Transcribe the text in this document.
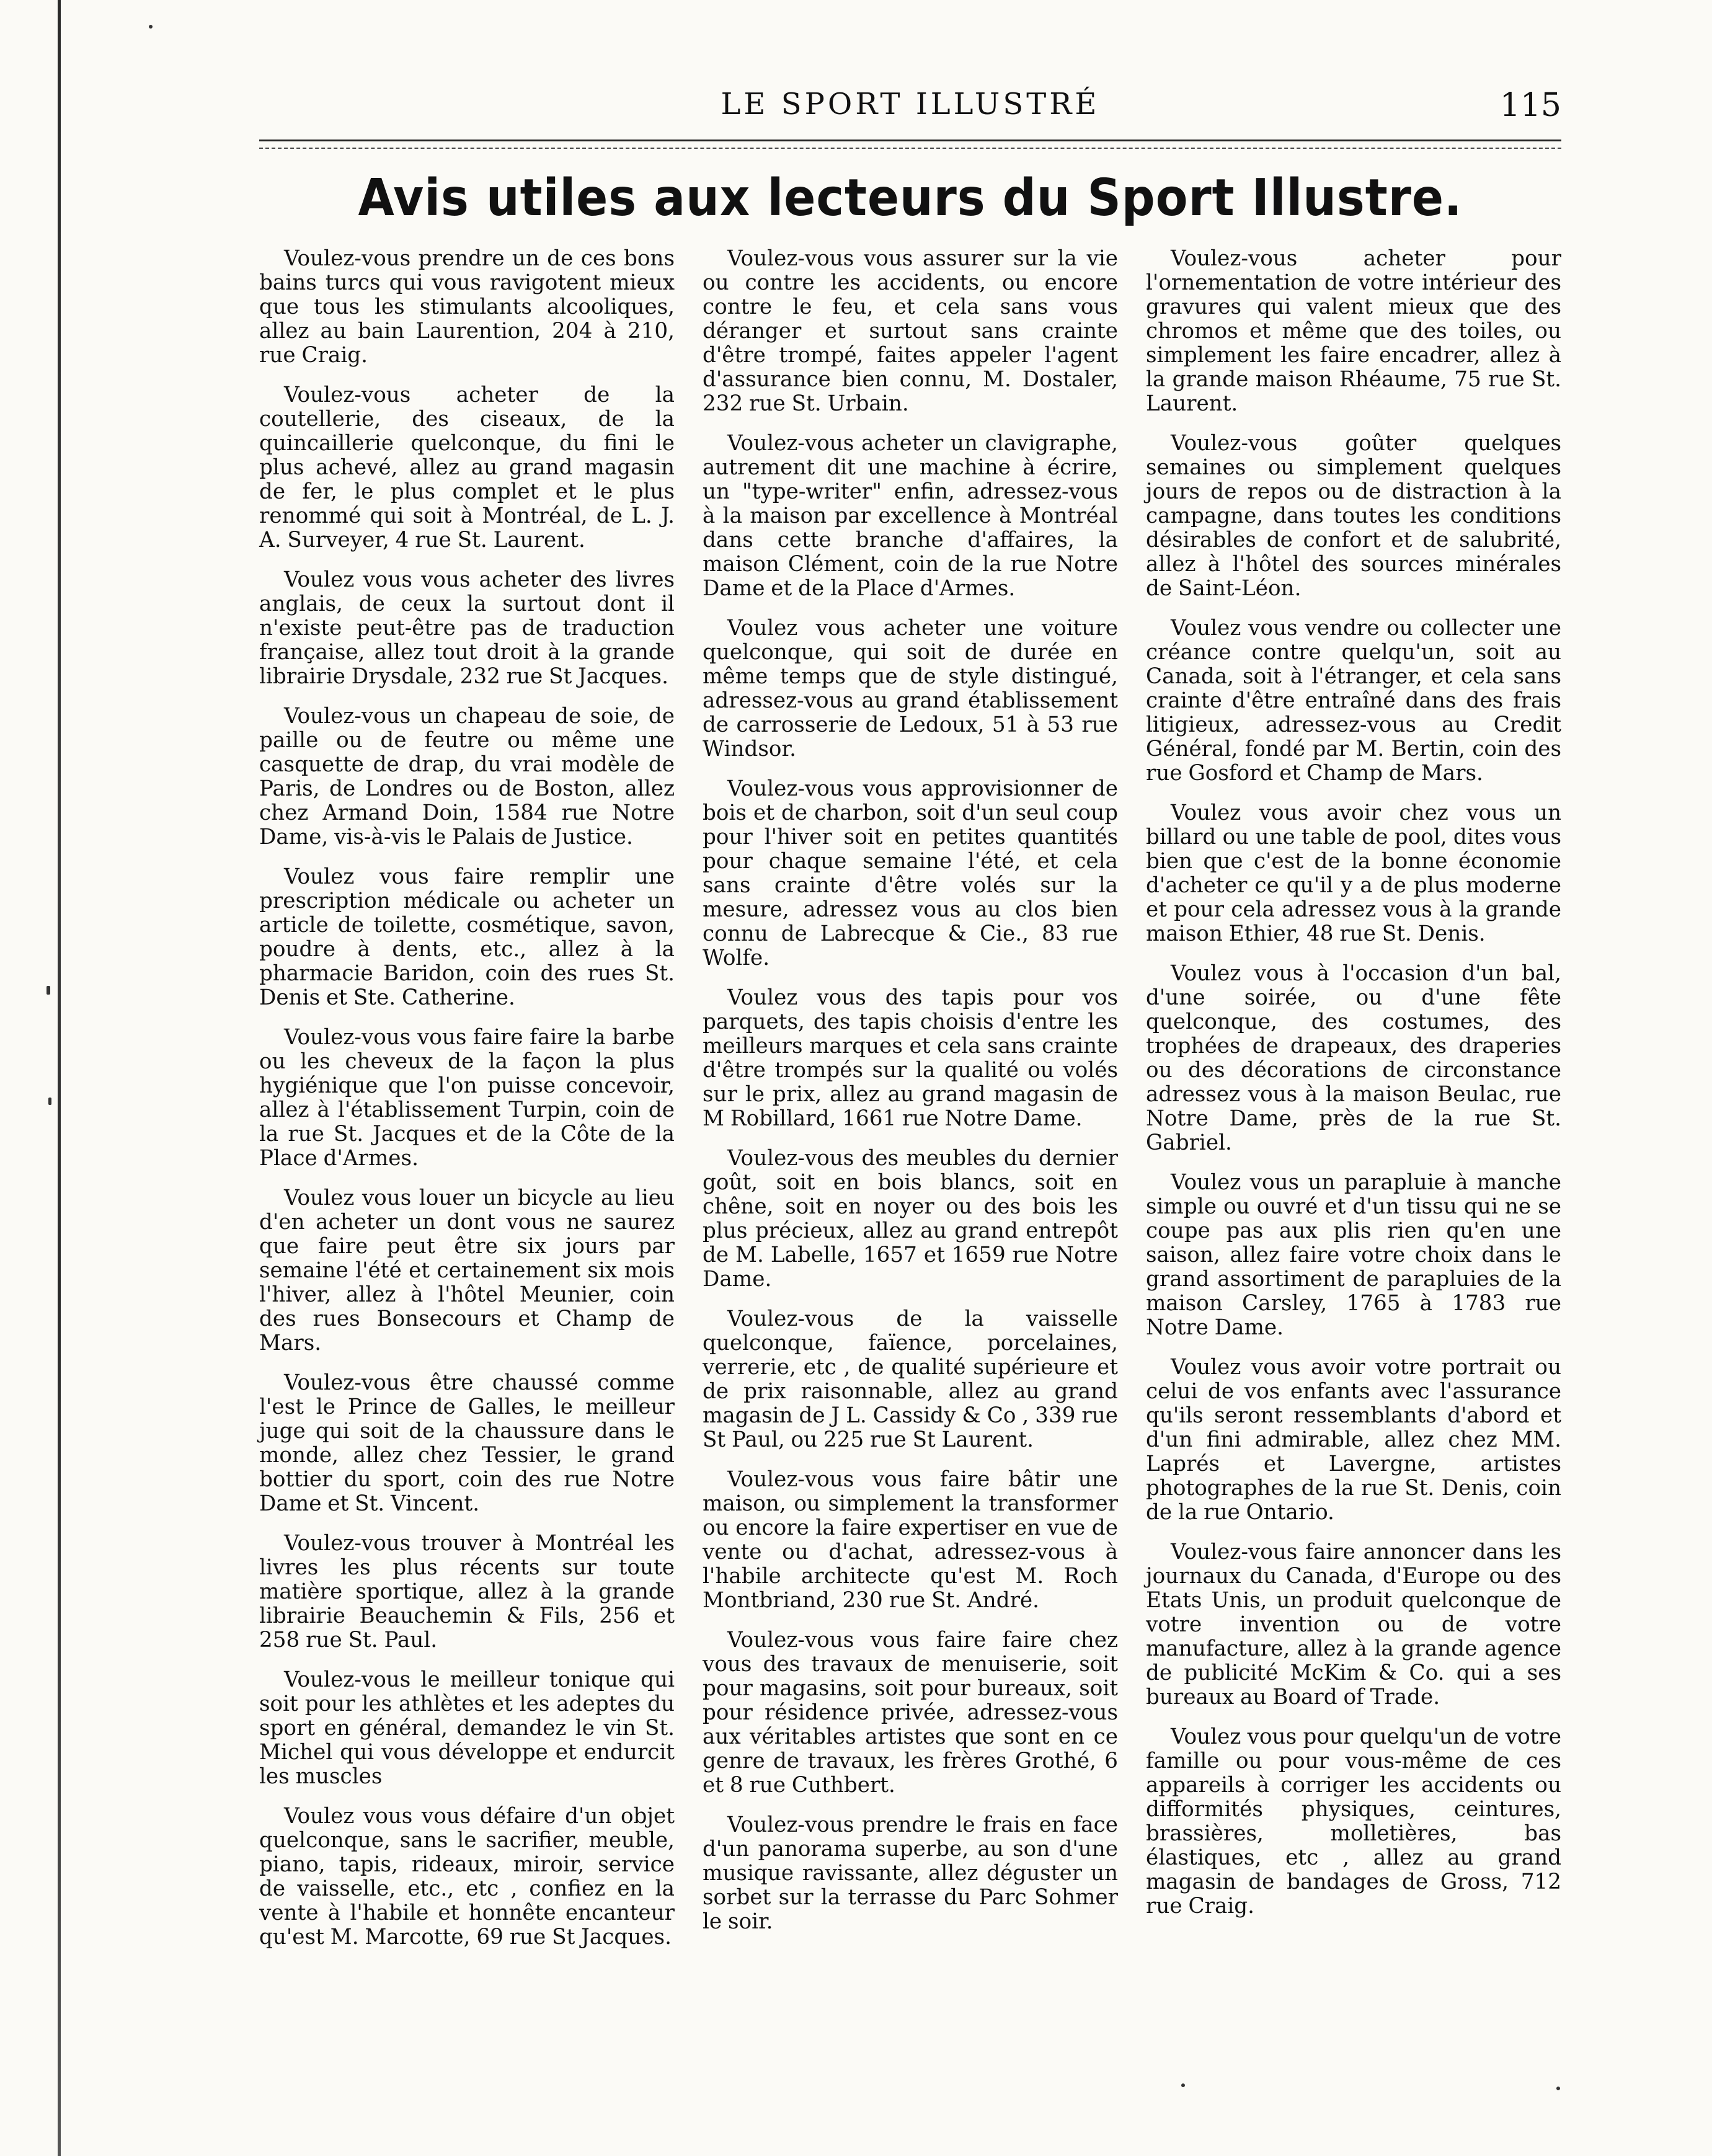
LE SPORT ILLUSTRÉ	115
Avis utiles aux lecteurs du Sport Illustre.

Voulez-vous prendre un de ces bons bains turcs qui vous ravigotent mieux que tous les stimulants alcooliques, allez au bain Laurention, 204 à 210, rue Craig.

Voulez-vous acheter de la coutellerie, des ciseaux, de la quincaillerie quelconque, du fini le plus achevé, allez au grand magasin de fer, le plus complet et le plus renommé qui soit à Montréal, de L. J. A. Surveyer, 4 rue St. Laurent.

Voulez vous vous acheter des livres anglais, de ceux la surtout dont il n'existe peut-être pas de traduction française, allez tout droit à la grande librairie Drysdale, 232 rue St Jacques.

Voulez-vous un chapeau de soie, de paille ou de feutre ou même une casquette de drap, du vrai modèle de Paris, de Londres ou de Boston, allez chez Armand Doin, 1584 rue Notre Dame, vis-à-vis le Palais de Justice.

Voulez vous faire remplir une prescription médicale ou acheter un article de toilette, cosmétique, savon, poudre à dents, etc., allez à la pharmacie Baridon, coin des rues St. Denis et Ste. Catherine.

Voulez-vous vous faire faire la barbe ou les cheveux de la façon la plus hygiénique que l'on puisse concevoir, allez à l'établissement Turpin, coin de la rue St. Jacques et de la Côte de la Place d'Armes.

Voulez vous louer un bicycle au lieu d'en acheter un dont vous ne saurez que faire peut être six jours par semaine l'été et certainement six mois l'hiver, allez à l'hôtel Meunier, coin des rues Bonsecours et Champ de Mars.

Voulez-vous être chaussé comme l'est le Prince de Galles, le meilleur juge qui soit de la chaussure dans le monde, allez chez Tessier, le grand bottier du sport, coin des rue Notre Dame et St. Vincent.

Voulez-vous trouver à Montréal les livres les plus récents sur toute matière sportique, allez à la grande librairie Beauchemin & Fils, 256 et 258 rue St. Paul.

Voulez-vous le meilleur tonique qui soit pour les athlètes et les adeptes du sport en général, demandez le vin St. Michel qui vous développe et endurcit les muscles

Voulez vous vous défaire d'un objet quelconque, sans le sacrifier, meuble, piano, tapis, rideaux, miroir, service de vaisselle, etc., etc , confiez en la vente à l'habile et honnête encanteur qu'est M. Marcotte, 69 rue St Jacques.

Voulez-vous vous assurer sur la vie ou contre les accidents, ou encore contre le feu, et cela sans vous déranger et surtout sans crainte d'être trompé, faites appeler l'agent d'assurance bien connu, M. Dostaler, 232 rue St. Urbain.

Voulez-vous acheter un clavigraphe, autrement dit une machine à écrire, un "type-writer" enfin, adressez-vous à la maison par excellence à Montréal dans cette branche d'affaires, la maison Clément, coin de la rue Notre Dame et de la Place d'Armes.

Voulez vous acheter une voiture quelconque, qui soit de durée en même temps que de style distingué, adressez-vous au grand établissement de carrosserie de Ledoux, 51 à 53 rue Windsor.

Voulez-vous vous approvisionner de bois et de charbon, soit d'un seul coup pour l'hiver soit en petites quantités pour chaque semaine l'été, et cela sans crainte d'être volés sur la mesure, adressez vous au clos bien connu de Labrecque & Cie., 83 rue Wolfe.

Voulez vous des tapis pour vos parquets, des tapis choisis d'entre les meilleurs marques et cela sans crainte d'être trompés sur la qualité ou volés sur le prix, allez au grand magasin de M Robillard, 1661 rue Notre Dame.

Voulez-vous des meubles du dernier goût, soit en bois blancs, soit en chêne, soit en noyer ou des bois les plus précieux, allez au grand entrepôt de M. Labelle, 1657 et 1659 rue Notre Dame.

Voulez-vous de la vaisselle quelconque, faïence, porcelaines, verrerie, etc , de qualité supérieure et de prix raisonnable, allez au grand magasin de J L. Cassidy & Co , 339 rue St Paul, ou 225 rue St Laurent.

Voulez-vous vous faire bâtir une maison, ou simplement la transformer ou encore la faire expertiser en vue de vente ou d'achat, adressez-vous à l'habile architecte qu'est M. Roch Montbriand, 230 rue St. André.

Voulez-vous vous faire faire chez vous des travaux de menuiserie, soit pour magasins, soit pour bureaux, soit pour résidence privée, adressez-vous aux véritables artistes que sont en ce genre de travaux, les frères Grothé, 6 et 8 rue Cuthbert.

Voulez-vous prendre le frais en face d'un panorama superbe, au son d'une musique ravissante, allez déguster un sorbet sur la terrasse du Parc Sohmer le soir.

Voulez-vous acheter pour l'ornementation de votre intérieur des gravures qui valent mieux que des chromos et même que des toiles, ou simplement les faire encadrer, allez à la grande maison Rhéaume, 75 rue St. Laurent.

Voulez-vous goûter quelques semaines ou simplement quelques jours de repos ou de distraction à la campagne, dans toutes les conditions désirables de confort et de salubrité, allez à l'hôtel des sources minérales de Saint-Léon.

Voulez vous vendre ou collecter une créance contre quelqu'un, soit au Canada, soit à l'étranger, et cela sans crainte d'être entraîné dans des frais litigieux, adressez-vous au Credit Général, fondé par M. Bertin, coin des rue Gosford et Champ de Mars.

Voulez vous avoir chez vous un billard ou une table de pool, dites vous bien que c'est de la bonne économie d'acheter ce qu'il y a de plus moderne et pour cela adressez vous à la grande maison Ethier, 48 rue St. Denis.

Voulez vous à l'occasion d'un bal, d'une soirée, ou d'une fête quelconque, des costumes, des trophées de drapeaux, des draperies ou des décorations de circonstance adressez vous à la maison Beulac, rue Notre Dame, près de la rue St. Gabriel.

Voulez vous un parapluie à manche simple ou ouvré et d'un tissu qui ne se coupe pas aux plis rien qu'en une saison, allez faire votre choix dans le grand assortiment de parapluies de la maison Carsley, 1765 à 1783 rue Notre Dame.

Voulez vous avoir votre portrait ou celui de vos enfants avec l'assurance qu'ils seront ressemblants d'abord et d'un fini admirable, allez chez MM. Laprés et Lavergne, artistes photographes de la rue St. Denis, coin de la rue Ontario.

Voulez-vous faire annoncer dans les journaux du Canada, d'Europe ou des Etats Unis, un produit quelconque de votre invention ou de votre manufacture, allez à la grande agence de publicité McKim & Co. qui a ses bureaux au Board of Trade.

Voulez vous pour quelqu'un de votre famille ou pour vous-même de ces appareils à corriger les accidents ou difformités physiques, ceintures, brassières, molletières, bas élastiques, etc , allez au grand magasin de bandages de Gross, 712 rue Craig.
